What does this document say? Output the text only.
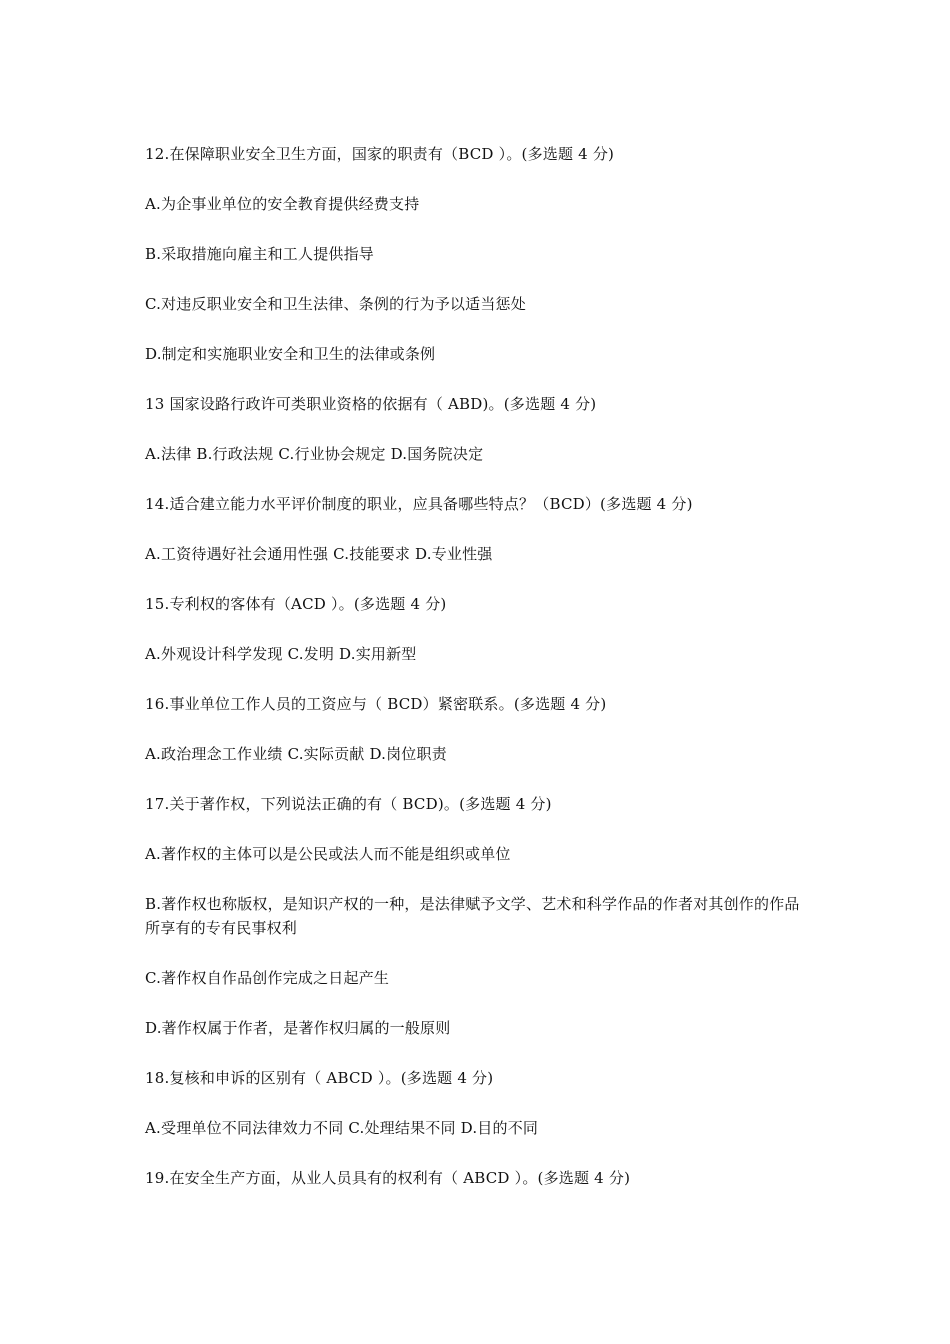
12.在保障职业安全卫生方面，国家的职责有（BCD ）。(多选题 4 分)

A.为企事业单位的安全教育提供经费支持

B.采取措施向雇主和工人提供指导

C.对违反职业安全和卫生法律、条例的行为予以适当惩处

D.制定和实施职业安全和卫生的法律或条例

13 国家设路行政许可类职业资格的依据有（ ABD)。(多选题 4 分)

A.法律 B.行政法规 C.行业协会规定 D.国务院决定

14.适合建立能力水平评价制度的职业，应具备哪些特点？（BCD）(多选题 4 分)

A.工资待遇好社会通用性强 C.技能要求 D.专业性强

15.专利权的客体有（ACD ）。(多选题 4 分)

A.外观设计科学发现 C.发明 D.实用新型

16.事业单位工作人员的工资应与（ BCD）紧密联系。(多选题 4 分)

A.政治理念工作业绩 C.实际贡献 D.岗位职责

17.关于著作权，下列说法正确的有（ BCD)。(多选题 4 分)

A.著作权的主体可以是公民或法人而不能是组织或单位

B.著作权也称版权，是知识产权的一种，是法律赋予文学、艺术和科学作品的作者对其创作的作品所享有的专有民事权利

C.著作权自作品创作完成之日起产生

D.著作权属于作者，是著作权归属的一般原则

18.复核和申诉的区别有（ ABCD ）。(多选题 4 分)

A.受理单位不同法律效力不同 C.处理结果不同 D.目的不同

19.在安全生产方面，从业人员具有的权利有（ ABCD ）。(多选题 4 分)
